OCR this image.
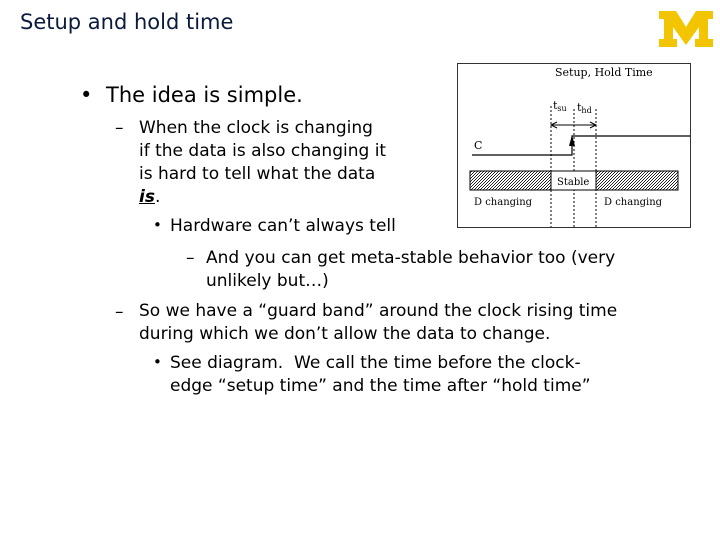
Setup and hold time
• The idea is simple.
– When the clock is changing
if the data is also changing it
is hard to tell what the data
is.
• Hardware can’t always tell
– And you can get meta-stable behavior too (very
unlikely but…)
– So we have a “guard band” around the clock rising time
during which we don’t allow the data to change.
• See diagram.  We call the time before the clock-
edge “setup time” and the time after “hold time”
Setup, Hold Time
tsu thd
C
Stable
D changing	D changing
